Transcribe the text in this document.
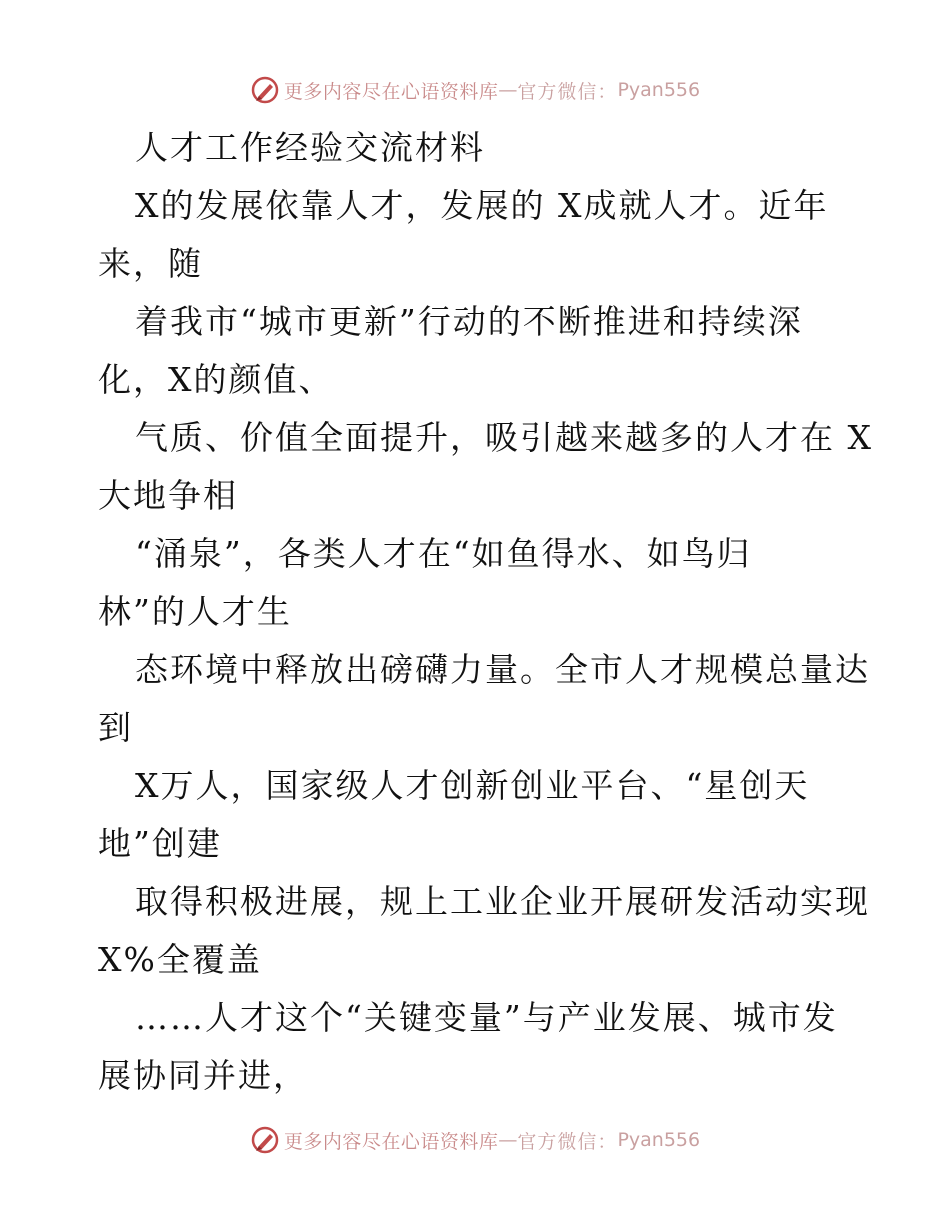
更多内容尽在心语资料库 — 官方微信： Pyan556
人才工作经验交流材料
X的发展依靠人才，发展的 X成就人才。近年
来，随
着我市“城市更新”行动的不断推进和持续深
化，X的颜值、
气质、价值全面提升，吸引越来越多的人才在 X
大地争相
“涌泉”，各类人才在“如鱼得水、如鸟归
林”的人才生
态环境中释放出磅礴力量。全市人才规模总量达
到
X万人，国家级人才创新创业平台、“星创天
地”创建
取得积极进展，规上工业企业开展研发活动实现
X%全覆盖
……人才这个“关键变量”与产业发展、城市发
展协同并进，
更多内容尽在心语资料库 — 官方微信： Pyan556
